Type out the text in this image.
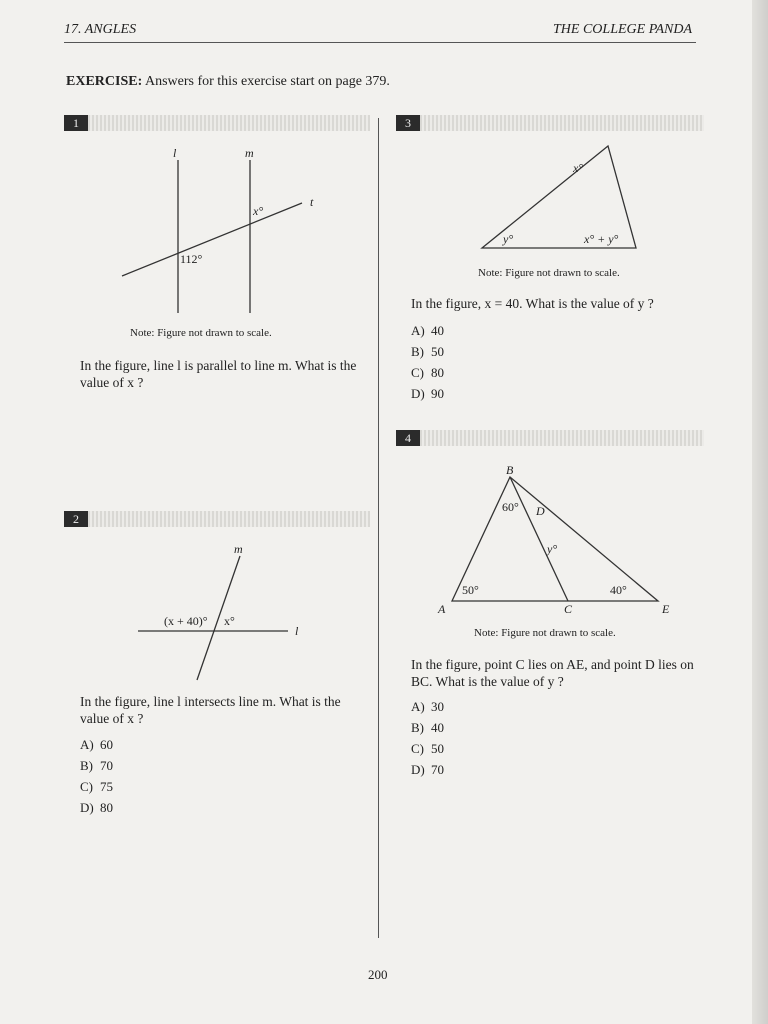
17. ANGLES	THE COLLEGE PANDA
EXERCISE: Answers for this exercise start on page 379.
1
l	m
t
x°
112°
Note: Figure not drawn to scale.
In the figure, line l is parallel to line m. What is the value of x ?
2
m
l
(x + 40)° x°
In the figure, line l intersects line m. What is the value of x ?
A) 60
B) 70
C) 75
D) 80
3
x°
y°	x° + y°
Note: Figure not drawn to scale.
In the figure, x = 40. What is the value of y ?
A) 40
B) 50
C) 80
D) 90
4
B
D
A	C	E
60°
50°	40°
y°
Note: Figure not drawn to scale.
In the figure, point C lies on AE, and point D lies on BC. What is the value of y ?
A) 30
B) 40
C) 50
D) 70
200
